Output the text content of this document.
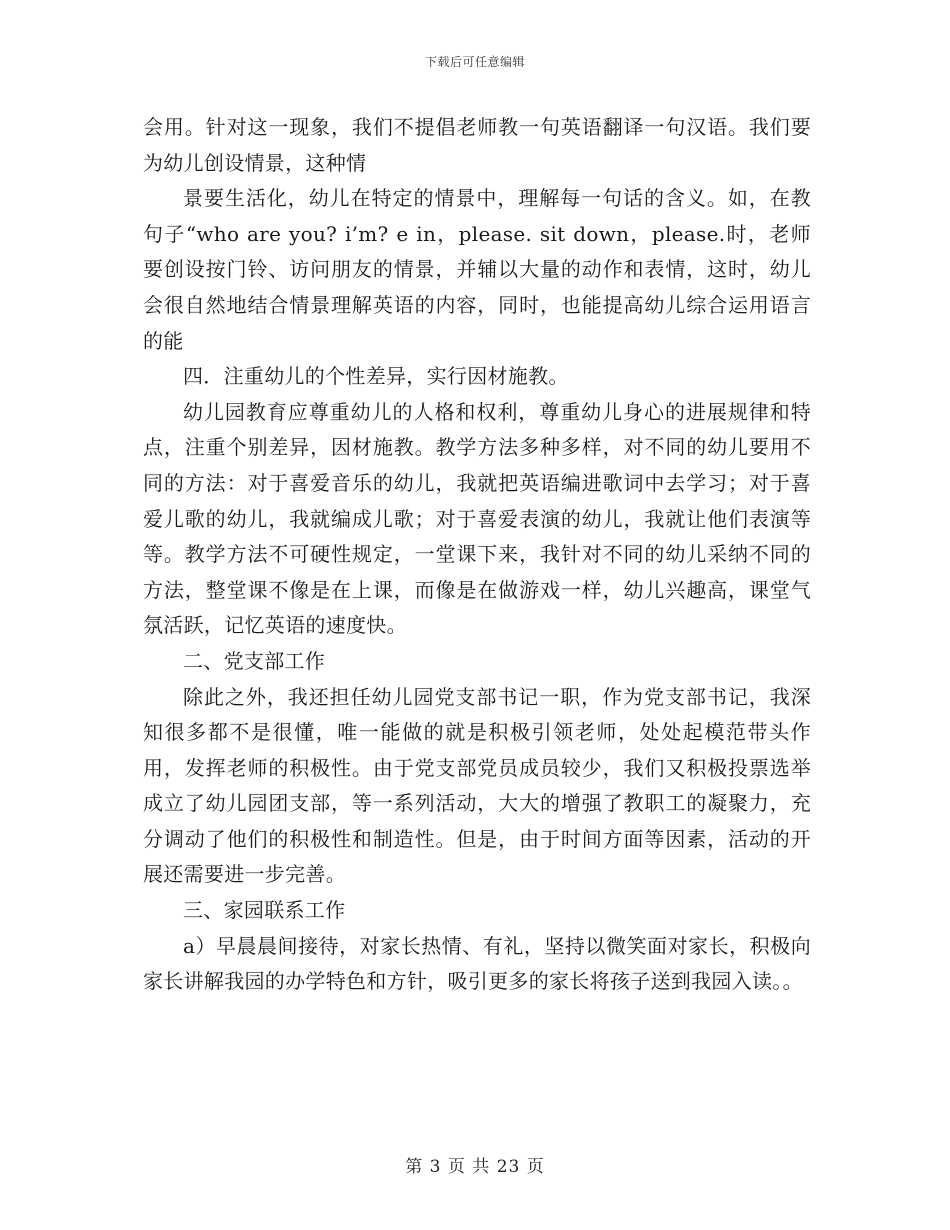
下载后可任意编辑

会用。针对这一现象，我们不提倡老师教一句英语翻译一句汉语。我们要为幼儿创设情景，这种情

景要生活化，幼儿在特定的情景中，理解每一句话的含义。如，在教句子“who are you? i’m? e in，please. sit down，please.时，老师要创设按门铃、访问朋友的情景，并辅以大量的动作和表情，这时，幼儿会很自然地结合情景理解英语的内容，同时，也能提高幼儿综合运用语言的能

四．注重幼儿的个性差异，实行因材施教。

幼儿园教育应尊重幼儿的人格和权利，尊重幼儿身心的进展规律和特点，注重个别差异，因材施教。教学方法多种多样，对不同的幼儿要用不同的方法：对于喜爱音乐的幼儿，我就把英语编进歌词中去学习；对于喜爱儿歌的幼儿，我就编成儿歌；对于喜爱表演的幼儿，我就让他们表演等等。教学方法不可硬性规定，一堂课下来，我针对不同的幼儿采纳不同的方法，整堂课不像是在上课，而像是在做游戏一样，幼儿兴趣高，课堂气氛活跃，记忆英语的速度快。

二、党支部工作

除此之外，我还担任幼儿园党支部书记一职，作为党支部书记，我深知很多都不是很懂，唯一能做的就是积极引领老师，处处起模范带头作用，发挥老师的积极性。由于党支部党员成员较少，我们又积极投票选举成立了幼儿园团支部，等一系列活动，大大的增强了教职工的凝聚力，充分调动了他们的积极性和制造性。但是，由于时间方面等因素，活动的开展还需要进一步完善。

三、家园联系工作

a）早晨晨间接待，对家长热情、有礼，坚持以微笑面对家长，积极向家长讲解我园的办学特色和方针，吸引更多的家长将孩子送到我园入读。。

第 3 页 共 23 页
